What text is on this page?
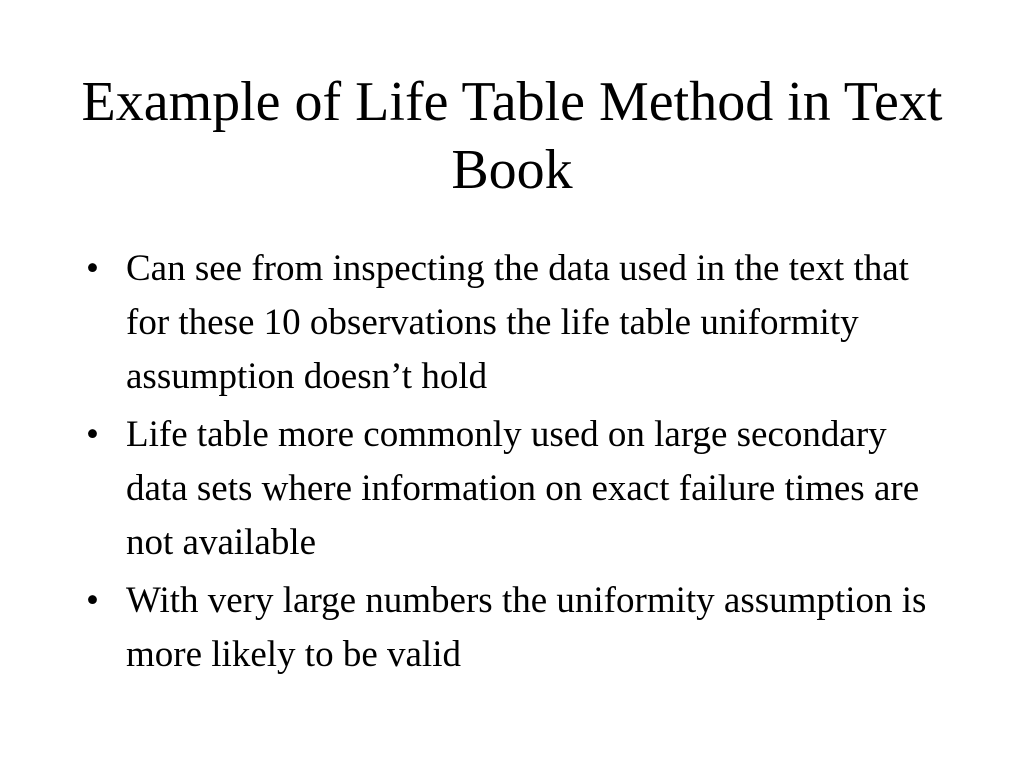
Example of Life Table Method in Text Book
• Can see from inspecting the data used in the text that for these 10 observations the life table uniformity assumption doesn’t hold
• Life table more commonly used on large secondary data sets where information on exact failure times are not available
• With very large numbers the uniformity assumption is more likely to be valid
